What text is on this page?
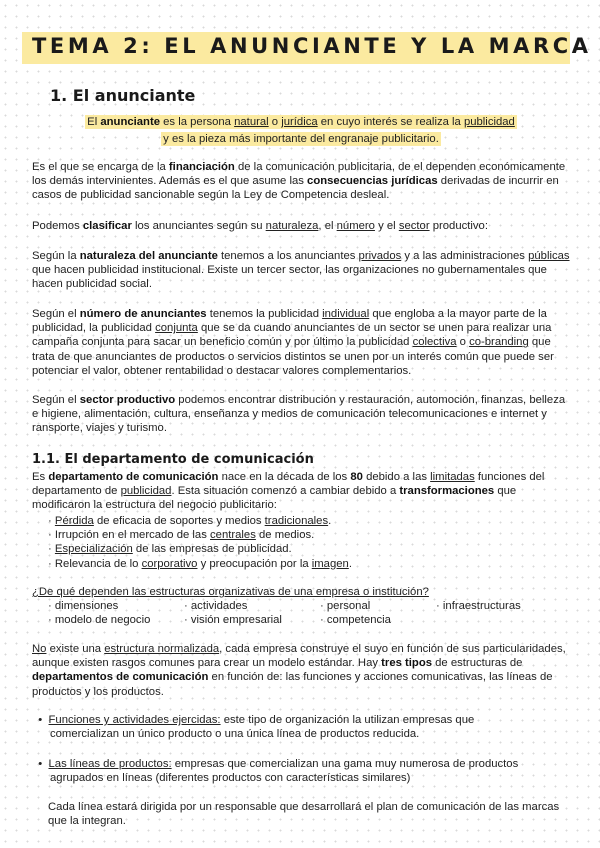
TEMA 2: EL ANUNCIANTE Y LA MARCA
1. El anunciante
El anunciante es la persona natural o jurídica en cuyo interés se realiza la publicidad
y es la pieza más importante del engranaje publicitario.
Es el que se encarga de la financiación de la comunicación publicitaria, de el dependen económicamente los demás intervinientes. Además es el que asume las consecuencias jurídicas derivadas de incurrir en casos de publicidad sancionable según la Ley de Competencia desleal.
Podemos clasificar los anunciantes según su naturaleza, el número y el sector productivo:
Según la naturaleza del anunciante tenemos a los anunciantes privados y a las administraciones públicas que hacen publicidad institucional. Existe un tercer sector, las organizaciones no gubernamentales que hacen publicidad social.
Según el número de anunciantes tenemos la publicidad individual que engloba a la mayor parte de la publicidad, la publicidad conjunta que se da cuando anunciantes de un sector se unen para realizar una campaña conjunta para sacar un beneficio común y por último la publicidad colectiva o co-branding que trata de que anunciantes de productos o servicios distintos se unen por un interés común que puede ser potenciar el valor, obtener rentabilidad o destacar valores complementarios.
Según el sector productivo podemos encontrar distribución y restauración, automoción, finanzas, belleza e higiene, alimentación, cultura, enseñanza y medios de comunicación telecomunicaciones e internet y ransporte, viajes y turismo.
1.1. El departamento de comunicación
Es departamento de comunicación nace en la década de los 80 debido a las limitadas funciones del departamento de publicidad. Esta situación comenzó a cambiar debido a transformaciones que modificaron la estructura del negocio publicitario:
· Pérdida de eficacia de soportes y medios tradicionales.
· Irrupción en el mercado de las centrales de medios.
· Especialización de las empresas de publicidad.
· Relevancia de lo corporativo y preocupación por la imagen.
¿De qué dependen las estructuras organizativas de una empresa o institución?
· dimensiones	· actividades	· personal	· infraestructuras
· modelo de negocio	· visión empresarial	· competencia
No existe una estructura normalizada, cada empresa construye el suyo en función de sus particularidades, aunque existen rasgos comunes para crear un modelo estándar. Hay tres tipos de estructuras de departamentos de comunicación en función de: las funciones y acciones comunicativas, las líneas de productos y los productos.
•  Funciones y actividades ejercidas: este tipo de organización la utilizan empresas que
comercializan un único producto o una única línea de productos reducida.
•  Las líneas de productos: empresas que comercializan una gama muy numerosa de productos
agrupados en líneas (diferentes productos con características similares)
Cada línea estará dirigida por un responsable que desarrollará el plan de comunicación de las marcas que la integran.
